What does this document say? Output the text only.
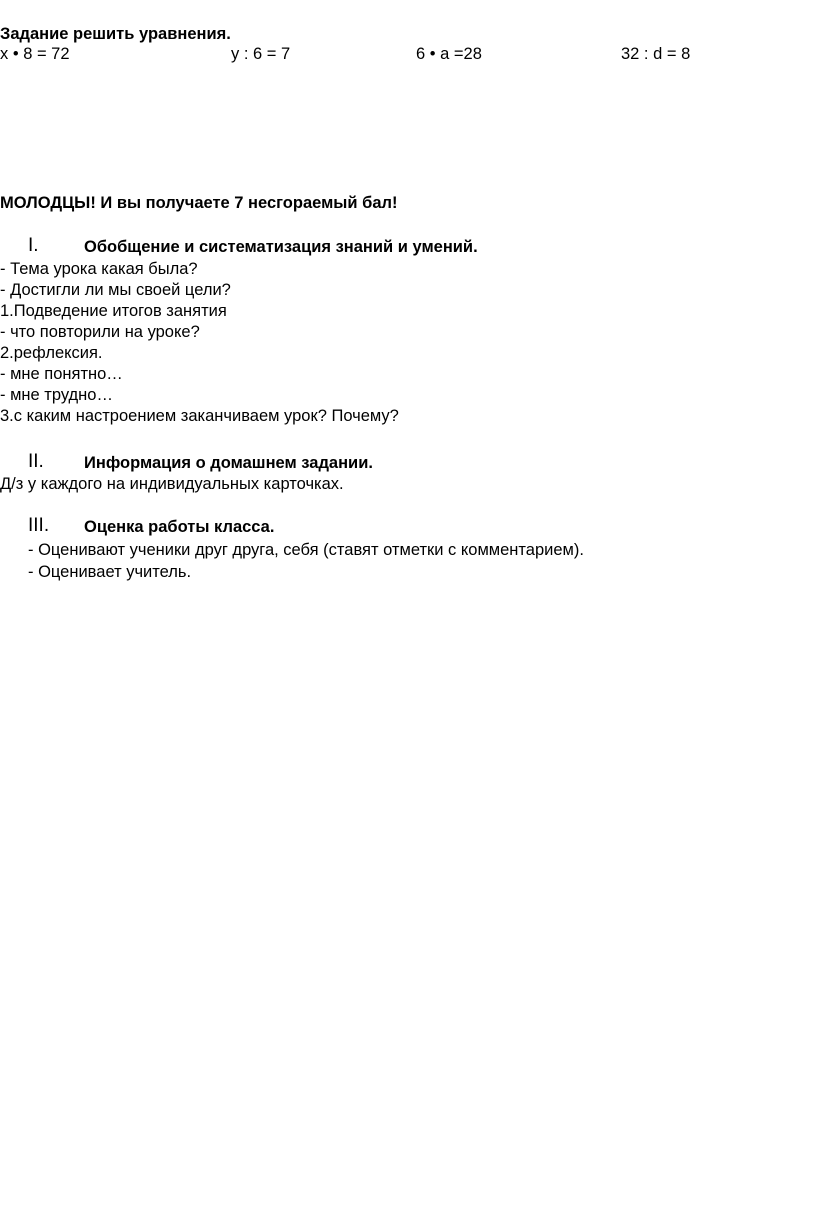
Задание решить уравнения.
x • 8 = 72	y : 6 = 7	6 • a =28	32 : d = 8
МОЛОДЦЫ! И вы получаете 7 несгораемый бал!
I.	Обобщение и систематизация знаний и умений.
- Тема урока какая была?
- Достигли ли мы своей цели?
1.Подведение итогов занятия
- что повторили на уроке?
2.рефлексия.
- мне понятно…
- мне трудно…
3.с каким настроением заканчиваем урок? Почему?
II. Информация о домашнем задании.
Д/з у каждого на индивидуальных карточках.
III. Оценка работы класса.
- Оценивают ученики друг друга, себя (ставят отметки с комментарием).
- Оценивает учитель.
